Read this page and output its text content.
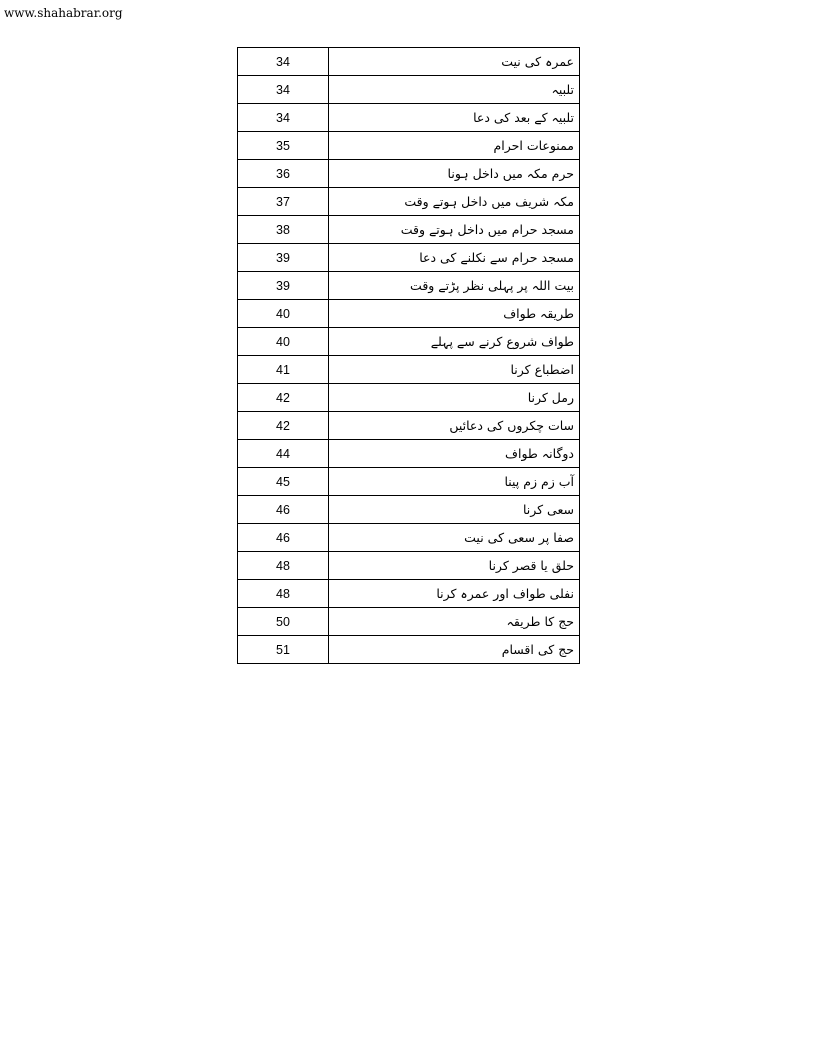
www.shahabrar.org
34	عمرہ کی نیت
34	تلبیہ
34	تلبیہ کے بعد کی دعا
35	ممنوعات احرام
36	حرم مکہ میں داخل ہونا
37	مکہ شریف میں داخل ہوتے وقت
38	مسجد حرام میں داخل ہوتے وقت
39	مسجد حرام سے نکلنے کی دعا
39	بیت اللہ پر پہلی نظر پڑتے وقت
40	طریقہ طواف
40	طواف شروع کرنے سے پہلے
41	اضطباع کرنا
42	رمل کرنا
42	سات چکروں کی دعائیں
44	دوگانہ طواف
45	آب زم زم پینا
46	سعی کرنا
46	صفا پر سعی کی نیت
48	حلق یا قصر کرنا
48	نفلی طواف اور عمرہ کرنا
50	حج کا طریقہ
51	حج کی اقسام
